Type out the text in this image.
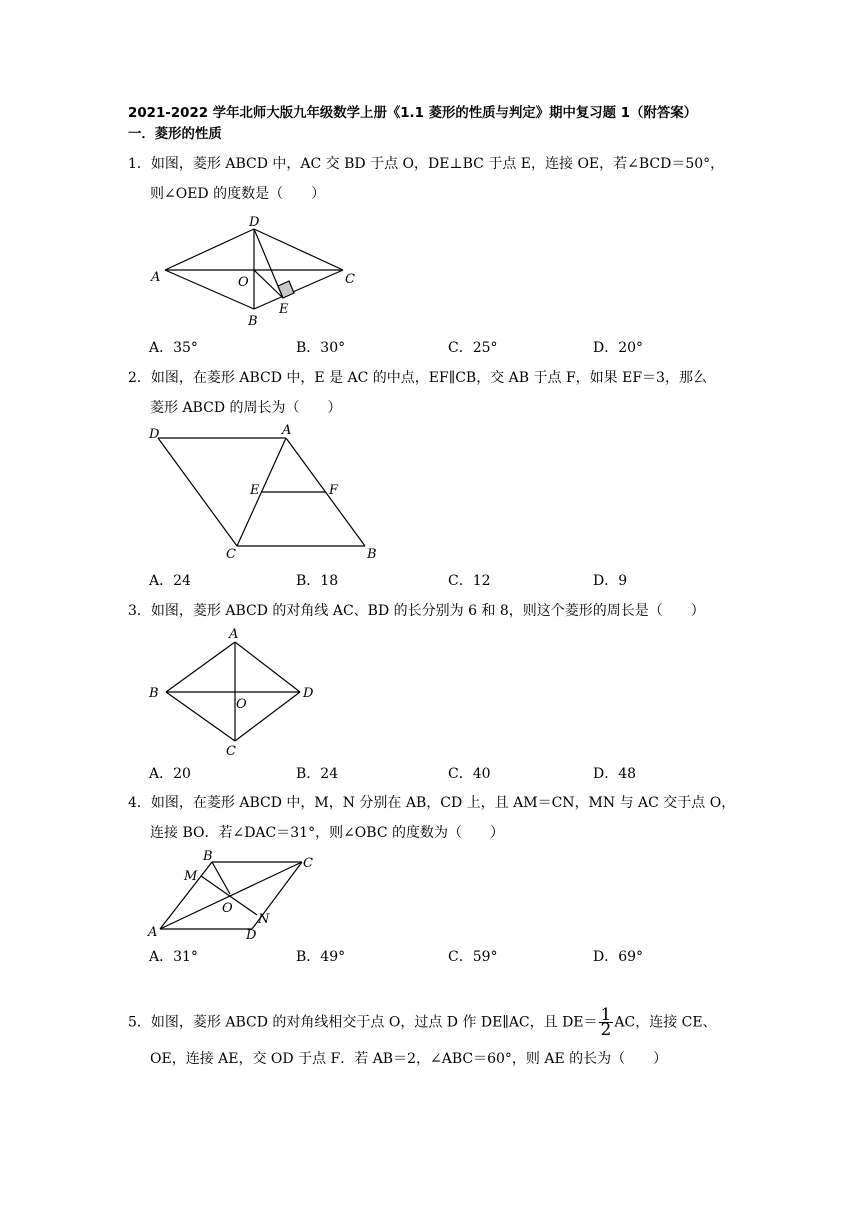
2021-2022 学年北师大版九年级数学上册《1.1 菱形的性质与判定》期中复习题 1（附答案）
一．菱形的性质
1．如图，菱形 ABCD 中，AC 交 BD 于点 O，DE⊥BC 于点 E，连接 OE，若∠BCD＝50°，
则∠OED 的度数是（　　）
A
D
C
O
B
E
A．35°	B．30°	C．25°	D．20°
2．如图，在菱形 ABCD 中，E 是 AC 的中点，EF∥CB，交 AB 于点 F，如果 EF＝3，那么
菱形 ABCD 的周长为（　　）
D	A
E	F
C	B
A．24	B．18	C．12	D．9
3．如图，菱形 ABCD 的对角线 AC、BD 的长分别为 6 和 8，则这个菱形的周长是（　　）
A
B	D
O
C
A．20	B．24	C．40	D．48
4．如图，在菱形 ABCD 中，M，N 分别在 AB，CD 上，且 AM＝CN，MN 与 AC 交于点 O，
连接 BO．若∠DAC＝31°，则∠OBC 的度数为（　　）
B	C
M
O
N
A	D
A．31°	B．49°	C．59°	D．69°
5．如图，菱形 ABCD 的对角线相交于点 O，过点 D 作 DE∥AC，且 $DE= \frac{1}{2}$ AC，连接 CE、
OE，连接 AE，交 OD 于点 F．若 AB＝2，∠ABC＝60°，则 AE 的长为（　　）
